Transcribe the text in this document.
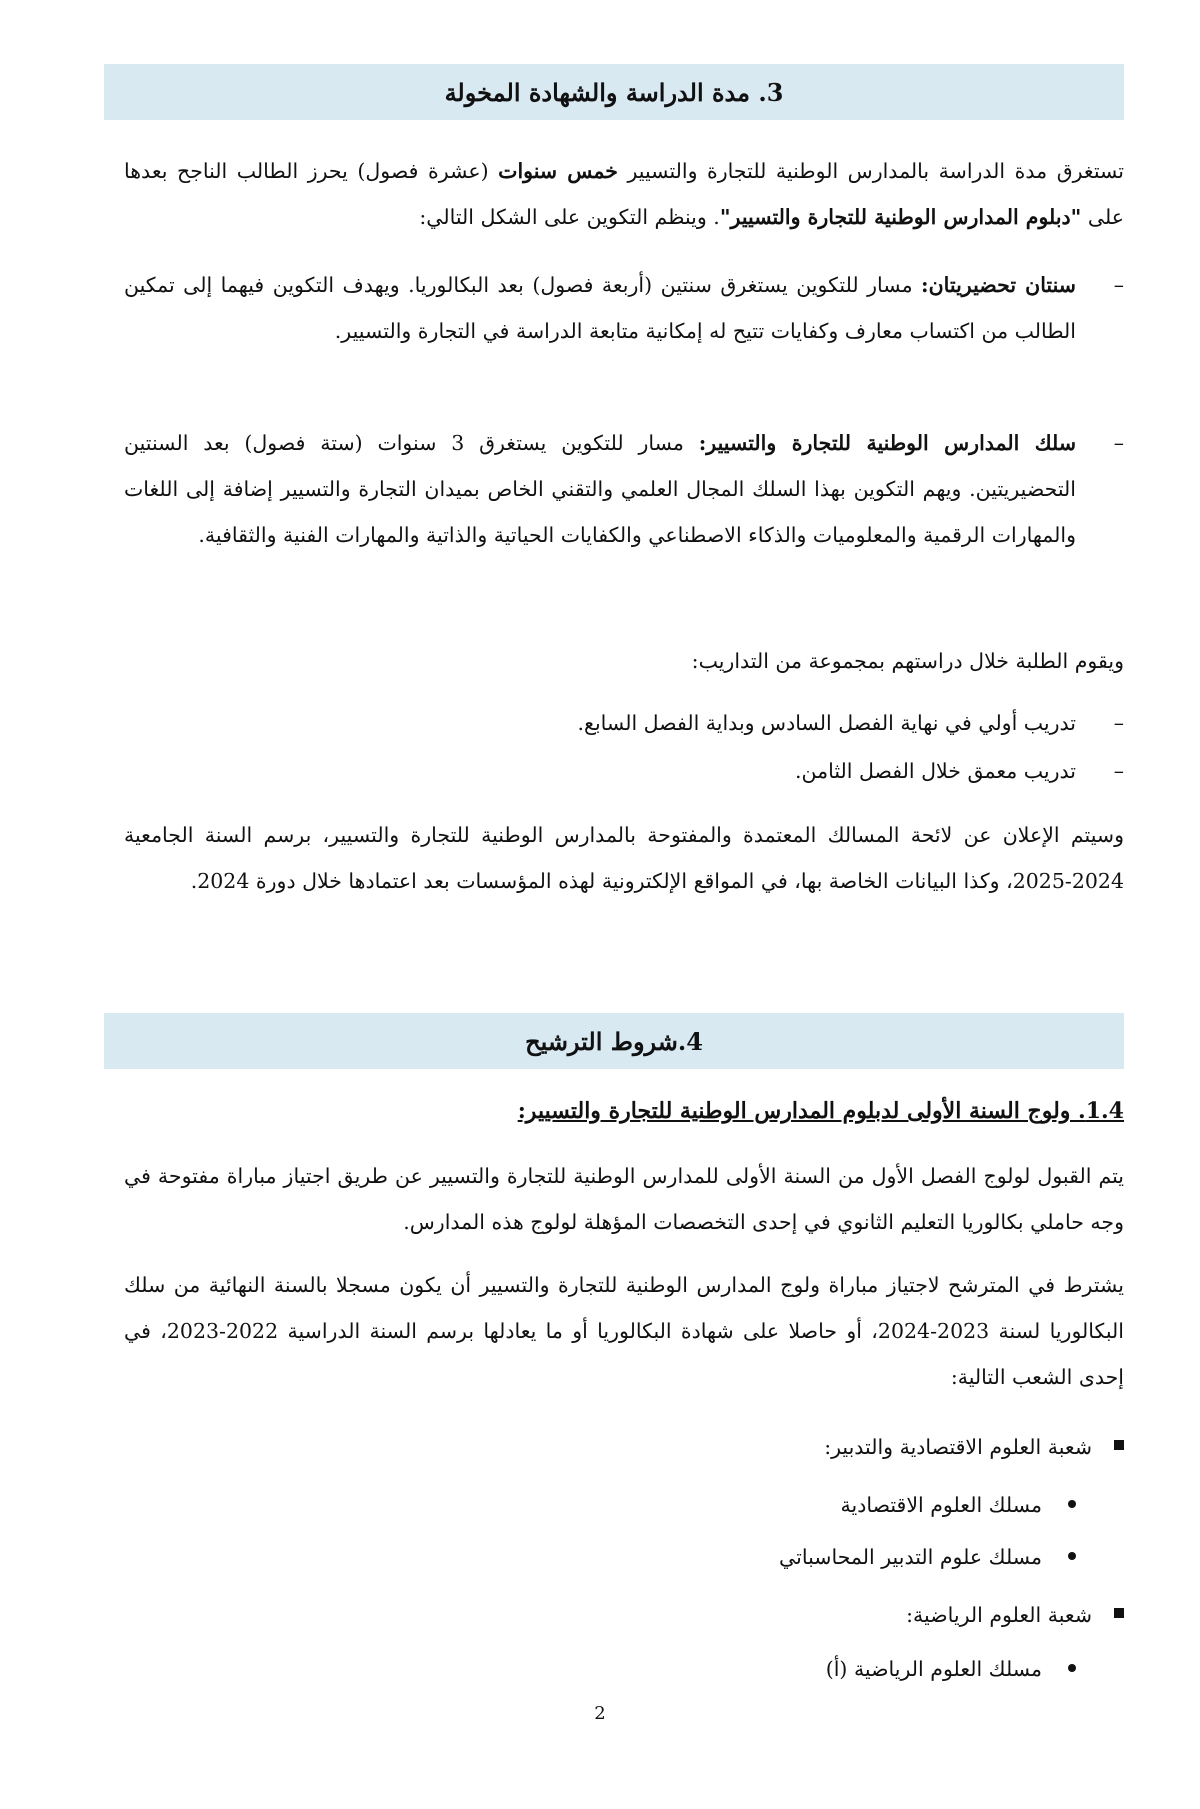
3. مدة الدراسة والشهادة المخولة
تستغرق مدة الدراسة بالمدارس الوطنية للتجارة والتسيير خمس سنوات (عشرة فصول) يحرز الطالب الناجح بعدها على "دبلوم المدارس الوطنية للتجارة والتسيير". وينظم التكوين على الشكل التالي:
–
سنتان تحضيريتان: مسار للتكوين يستغرق سنتين (أربعة فصول) بعد البكالوريا. ويهدف التكوين فيهما إلى تمكين الطالب من اكتساب معارف وكفايات تتيح له إمكانية متابعة الدراسة في التجارة والتسيير.
–
سلك المدارس الوطنية للتجارة والتسيير: مسار للتكوين يستغرق 3 سنوات (ستة فصول) بعد السنتين التحضيريتين. ويهم التكوين بهذا السلك المجال العلمي والتقني الخاص بميدان التجارة والتسيير إضافة إلى اللغات والمهارات الرقمية والمعلوميات والذكاء الاصطناعي والكفايات الحياتية والذاتية والمهارات الفنية والثقافية.
ويقوم الطلبة خلال دراستهم بمجموعة من التداريب:
–
تدريب أولي في نهاية الفصل السادس وبداية الفصل السابع.
–
تدريب معمق خلال الفصل الثامن.
وسيتم الإعلان عن لائحة المسالك المعتمدة والمفتوحة بالمدارس الوطنية للتجارة والتسيير، برسم السنة الجامعية 2024-2025، وكذا البيانات الخاصة بها، في المواقع الإلكترونية لهذه المؤسسات بعد اعتمادها خلال دورة 2024.
4.شروط الترشيح
1.4. ولوج السنة الأولى لدبلوم المدارس الوطنية للتجارة والتسيير:
يتم القبول لولوج الفصل الأول من السنة الأولى للمدارس الوطنية للتجارة والتسيير عن طريق اجتياز مباراة مفتوحة في وجه حاملي بكالوريا التعليم الثانوي في إحدى التخصصات المؤهلة لولوج هذه المدارس.
يشترط في المترشح لاجتياز مباراة ولوج المدارس الوطنية للتجارة والتسيير أن يكون مسجلا بالسنة النهائية من سلك البكالوريا لسنة 2023-2024، أو حاصلا على شهادة البكالوريا أو ما يعادلها برسم السنة الدراسية 2022-2023، في إحدى الشعب التالية:
شعبة العلوم الاقتصادية والتدبير:
مسلك العلوم الاقتصادية
مسلك علوم التدبير المحاسباتي
شعبة العلوم الرياضية:
مسلك العلوم الرياضية (أ)
2
